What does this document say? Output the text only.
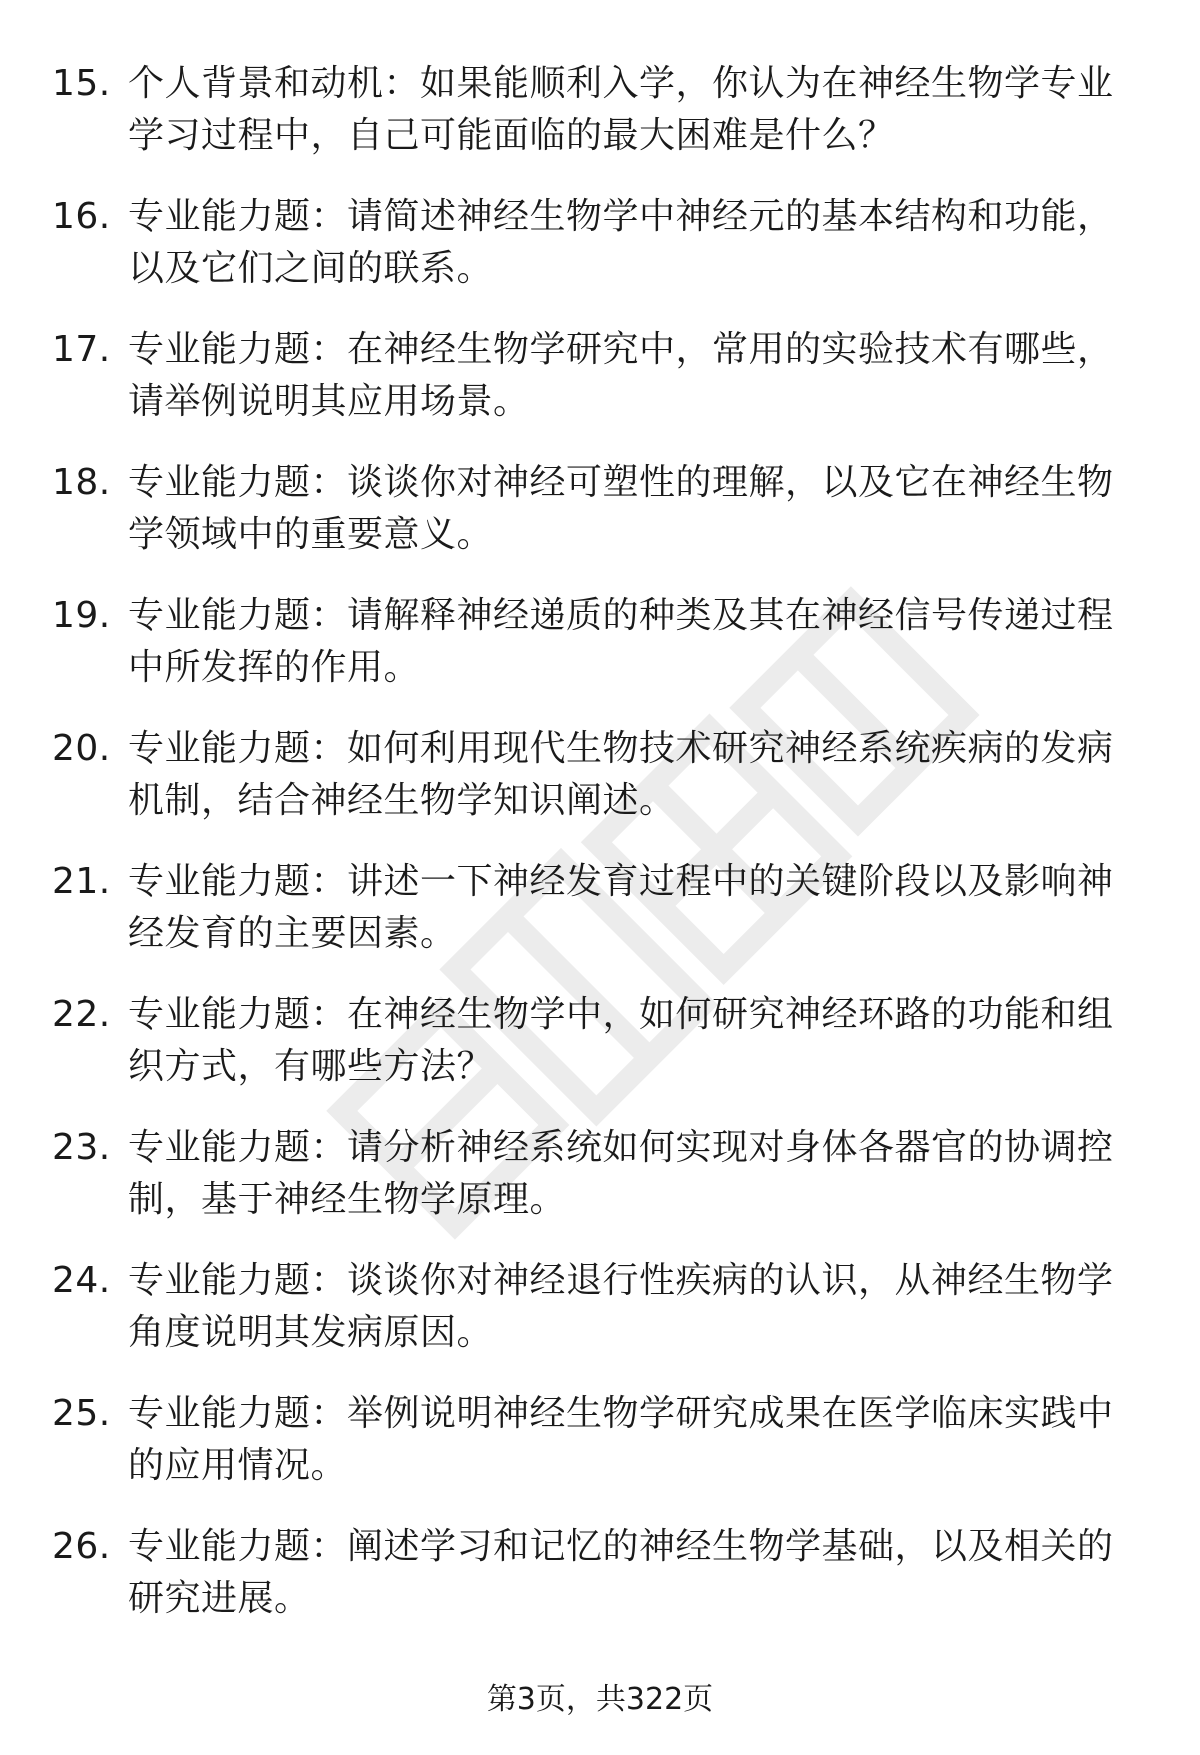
15. 个人背景和动机：如果能顺利入学，你认为在神经生物学专业学习过程中，自己可能面临的最大困难是什么？
16. 专业能力题：请简述神经生物学中神经元的基本结构和功能，以及它们之间的联系。
17. 专业能力题：在神经生物学研究中，常用的实验技术有哪些，请举例说明其应用场景。
18. 专业能力题：谈谈你对神经可塑性的理解，以及它在神经生物学领域中的重要意义。
19. 专业能力题：请解释神经递质的种类及其在神经信号传递过程中所发挥的作用。
20. 专业能力题：如何利用现代生物技术研究神经系统疾病的发病机制，结合神经生物学知识阐述。
21. 专业能力题：讲述一下神经发育过程中的关键阶段以及影响神经发育的主要因素。
22. 专业能力题：在神经生物学中，如何研究神经环路的功能和组织方式，有哪些方法？
23. 专业能力题：请分析神经系统如何实现对身体各器官的协调控制，基于神经生物学原理。
24. 专业能力题：谈谈你对神经退行性疾病的认识，从神经生物学角度说明其发病原因。
25. 专业能力题：举例说明神经生物学研究成果在医学临床实践中的应用情况。
26. 专业能力题：阐述学习和记忆的神经生物学基础，以及相关的研究进展。
第3页，共322页
